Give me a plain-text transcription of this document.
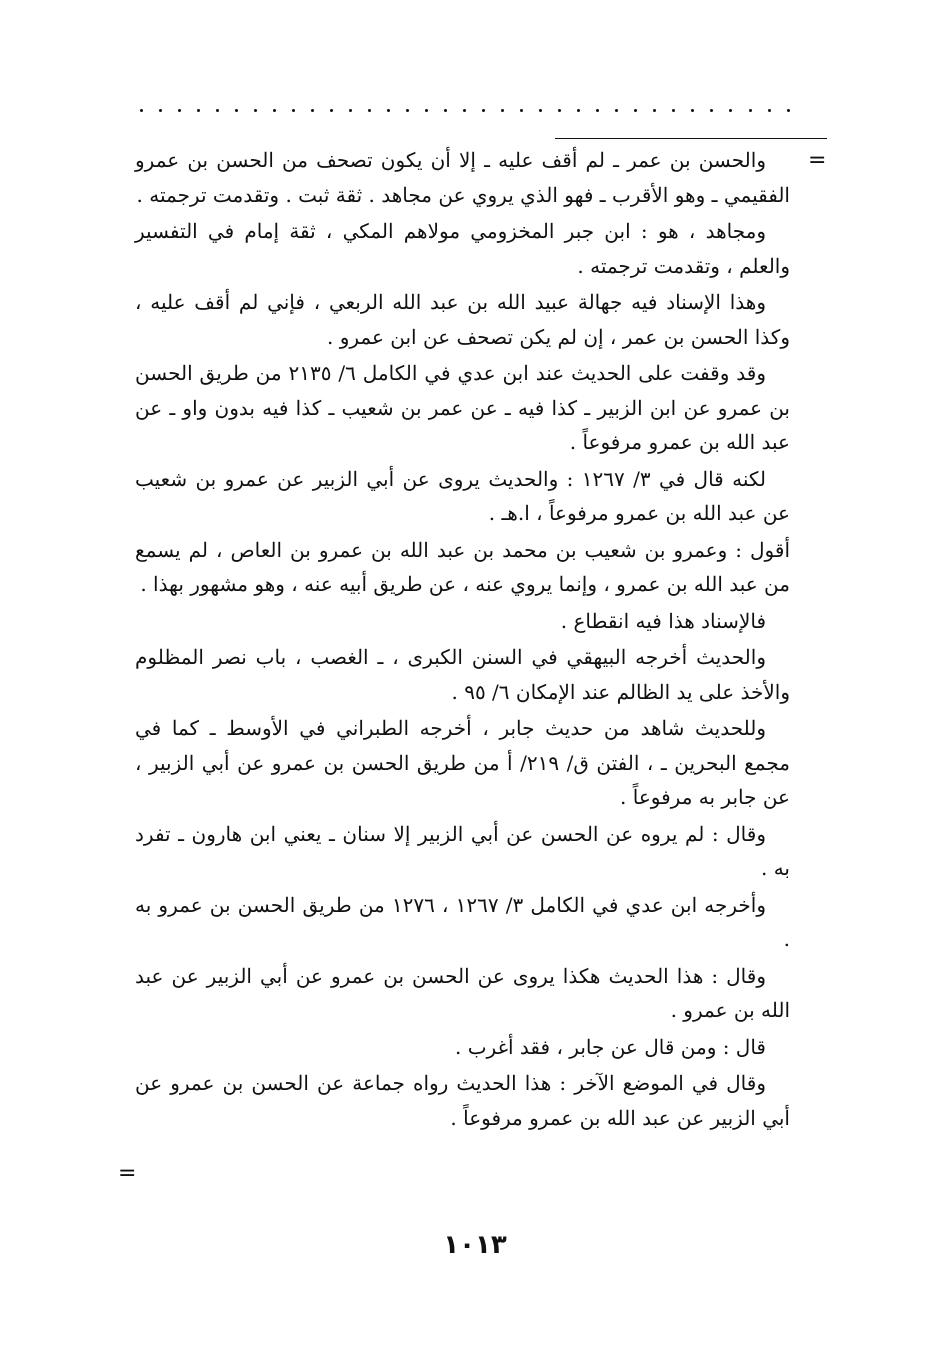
=

والحسن بن عمر ـ لم أقف عليه ـ إلا أن يكون تصحف من الحسن بن عمرو الفقيمي ـ وهو الأقرب ـ فهو الذي يروي عن مجاهد . ثقة ثبت . وتقدمت ترجمته .

ومجاهد ، هو : ابن جبر المخزومي مولاهم المكي ، ثقة إمام في التفسير والعلم ، وتقدمت ترجمته .

وهذا الإسناد فيه جهالة عبيد الله بن عبد الله الربعي ، فإني لم أقف عليه ، وكذا الحسن بن عمر ، إن لم يكن تصحف عن ابن عمرو .

وقد وقفت على الحديث عند ابن عدي في الكامل ٦/ ٢١٣٥ من طريق الحسن بن عمرو عن ابن الزبير ـ كذا فيه ـ عن عمر بن شعيب ـ كذا فيه بدون واو ـ عن عبد الله بن عمرو مرفوعاً .

لكنه قال في ٣/ ١٢٦٧ : والحديث يروى عن أبي الزبير عن عمرو بن شعيب عن عبد الله بن عمرو مرفوعاً ، ا.هـ .

أقول : وعمرو بن شعيب بن محمد بن عبد الله بن عمرو بن العاص ، لم يسمع من عبد الله بن عمرو ، وإنما يروي عنه ، عن طريق أبيه عنه ، وهو مشهور بهذا .

فالإسناد هذا فيه انقطاع .

والحديث أخرجه البيهقي في السنن الكبرى ، ـ الغصب ، باب نصر المظلوم والأخذ على يد الظالم عند الإمكان ٦/ ٩٥ .

وللحديث شاهد من حديث جابر ، أخرجه الطبراني في الأوسط ـ كما في مجمع البحرين ـ ، الفتن ق/ ٢١٩/ أ من طريق الحسن بن عمرو عن أبي الزبير ، عن جابر به مرفوعاً .

وقال : لم يروه عن الحسن عن أبي الزبير إلا سنان ـ يعني ابن هارون ـ تفرد به .

وأخرجه ابن عدي في الكامل ٣/ ١٢٦٧ ، ١٢٧٦ من طريق الحسن بن عمرو به .

وقال : هذا الحديث هكذا يروى عن الحسن بن عمرو عن أبي الزبير عن عبد الله بن عمرو .

قال : ومن قال عن جابر ، فقد أغرب .

وقال في الموضع الآخر : هذا الحديث رواه جماعة عن الحسن بن عمرو عن أبي الزبير عن عبد الله بن عمرو مرفوعاً .

=
١٠١٣
